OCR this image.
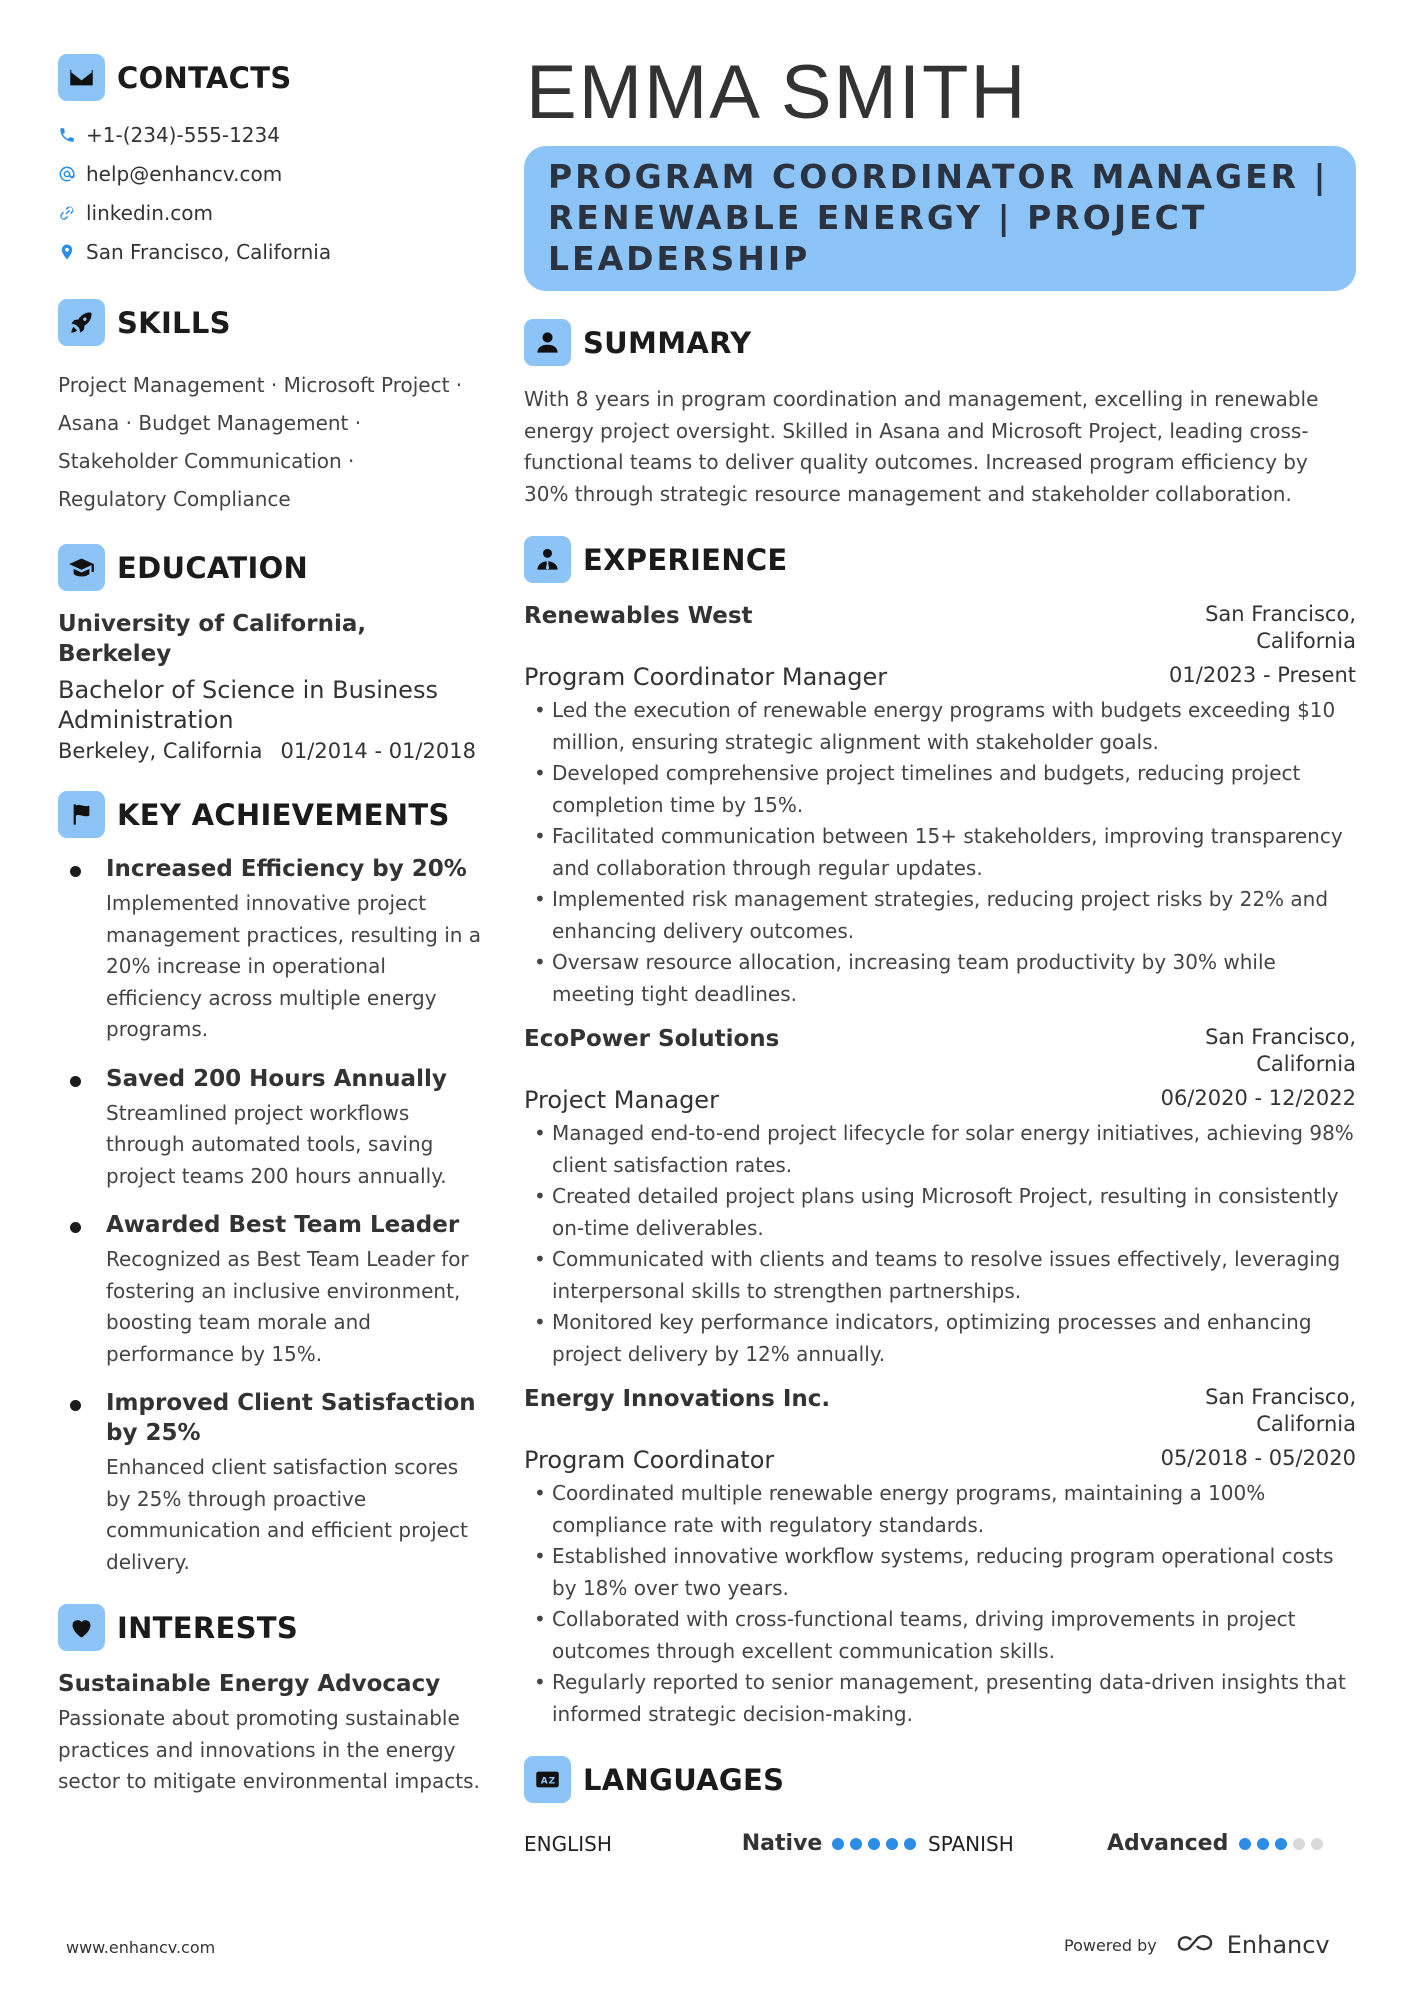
CONTACTS
+1-(234)-555-1234
help@enhancv.com
linkedin.com
San Francisco, California
SKILLS
Project Management · Microsoft Project ·
Asana · Budget Management ·
Stakeholder Communication ·
Regulatory Compliance
EDUCATION
University of California, Berkeley
Bachelor of Science in Business Administration
Berkeley, California 01/2014 - 01/2018
KEY ACHIEVEMENTS
Increased Efficiency by 20%
Implemented innovative project management practices, resulting in a 20% increase in operational efficiency across multiple energy programs.
Saved 200 Hours Annually
Streamlined project workflows through automated tools, saving project teams 200 hours annually.
Awarded Best Team Leader
Recognized as Best Team Leader for fostering an inclusive environment, boosting team morale and performance by 15%.
Improved Client Satisfaction by 25%
Enhanced client satisfaction scores by 25% through proactive communication and efficient project delivery.
INTERESTS
Sustainable Energy Advocacy
Passionate about promoting sustainable practices and innovations in the energy sector to mitigate environmental impacts.
EMMA SMITH
PROGRAM COORDINATOR MANAGER | RENEWABLE ENERGY | PROJECT LEADERSHIP
SUMMARY
With 8 years in program coordination and management, excelling in renewable energy project oversight. Skilled in Asana and Microsoft Project, leading cross-functional teams to deliver quality outcomes. Increased program efficiency by 30% through strategic resource management and stakeholder collaboration.
EXPERIENCE
Renewables West	San Francisco,
California
Program Coordinator Manager	01/2023 - Present
• Led the execution of renewable energy programs with budgets exceeding $10 million, ensuring strategic alignment with stakeholder goals.
• Developed comprehensive project timelines and budgets, reducing project completion time by 15%.
• Facilitated communication between 15+ stakeholders, improving transparency and collaboration through regular updates.
• Implemented risk management strategies, reducing project risks by 22% and enhancing delivery outcomes.
• Oversaw resource allocation, increasing team productivity by 30% while meeting tight deadlines.
EcoPower Solutions	San Francisco,
California
Project Manager	06/2020 - 12/2022
• Managed end-to-end project lifecycle for solar energy initiatives, achieving 98% client satisfaction rates.
• Created detailed project plans using Microsoft Project, resulting in consistently on-time deliverables.
• Communicated with clients and teams to resolve issues effectively, leveraging interpersonal skills to strengthen partnerships.
• Monitored key performance indicators, optimizing processes and enhancing project delivery by 12% annually.
Energy Innovations Inc.	San Francisco,
California
Program Coordinator	05/2018 - 05/2020
• Coordinated multiple renewable energy programs, maintaining a 100% compliance rate with regulatory standards.
• Established innovative workflow systems, reducing program operational costs by 18% over two years.
• Collaborated with cross-functional teams, driving improvements in project outcomes through excellent communication skills.
• Regularly reported to senior management, presenting data-driven insights that informed strategic decision-making.
A Z LANGUAGES
ENGLISH	Native	SPANISH	Advanced
www.enhancv.com	Powered by	Enhancv
